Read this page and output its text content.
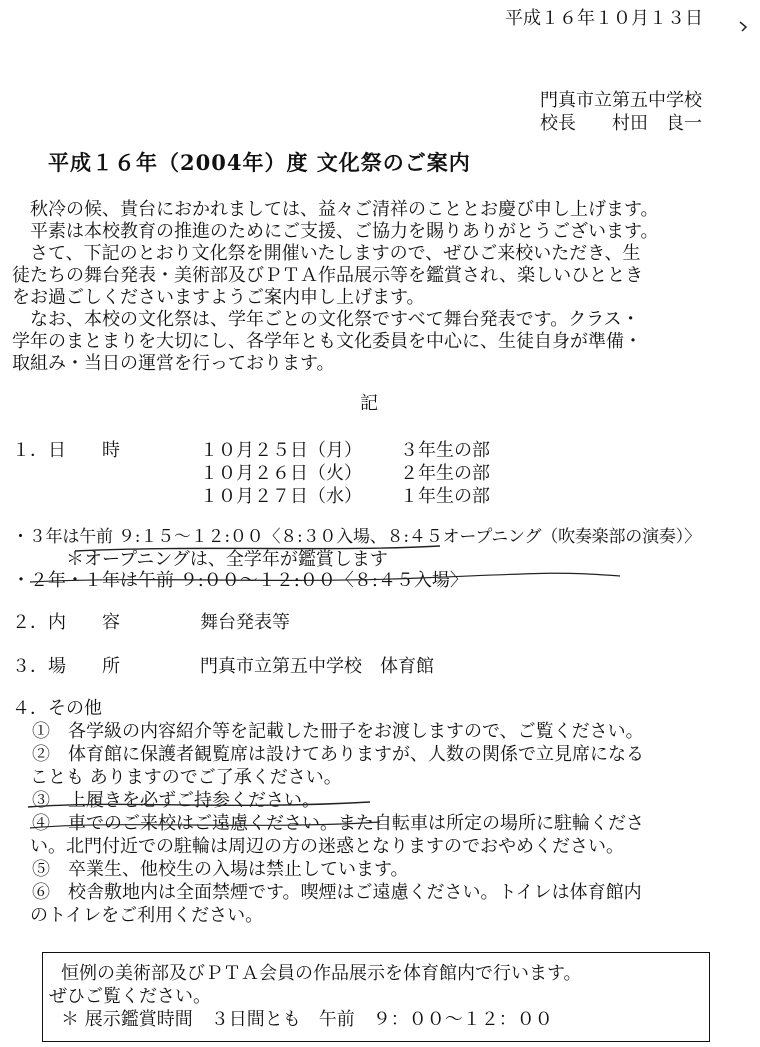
平成１６年１０月１３日
門真市立第五中学校
校長　　村田　良一
平成１６年（2004年）度 文化祭のご案内
　秋冷の候、貴台におかれましては、益々ご清祥のこととお慶び申し上げます。
　平素は本校教育の推進のためにご支援、ご協力を賜りありがとうございます。
　さて、下記のとおり文化祭を開催いたしますので、ぜひご来校いただき、生
徒たちの舞台発表・美術部及びＰＴＡ作品展示等を鑑賞され、楽しいひととき
をお過ごしくださいますようご案内申し上げます。
　なお、本校の文化祭は、学年ごとの文化祭ですべて舞台発表です。クラス・
学年のまとまりを大切にし、各学年とも文化委員を中心に、生徒自身が準備・
取組み・当日の運営を行っております。
記
１．日　　時	１０月２５日（月） ３年生の部
１０月２６日（火） ２年生の部
１０月２７日（水） １年生の部
・３年は午前 ９:１５～１２:００〈８:３０入場、８:４５オープニング（吹奏楽部の演奏）〉
　　　＊オープニングは、全学年が鑑賞します
・２年・１年は午前 ９:００～１２:００〈８:４５入場〉
２．内　　容	舞台発表等
３．場　　所	門真市立第五中学校　体育館
４．その他
①　各学級の内容紹介等を記載した冊子をお渡しますので、ご覧ください。
②　体育館に保護者観覧席は設けてありますが、人数の関係で立見席になる
　ことも ありますのでご了承ください。
③　上履きを必ずご持参ください。
④　車でのご来校はご遠慮ください。また自転車は所定の場所に駐輪くださ
　い。北門付近での駐輪は周辺の方の迷惑となりますのでおやめください。
⑤　卒業生、他校生の入場は禁止しています。
⑥　校舎敷地内は全面禁煙です。喫煙はご遠慮ください。トイレは体育館内
　のトイレをご利用ください。
恒例の美術部及びＰＴＡ会員の作品展示を体育館内で行います。
ぜひご覧ください。
＊ 展示鑑賞時間　３日間とも　午前　９：００～１２：００
